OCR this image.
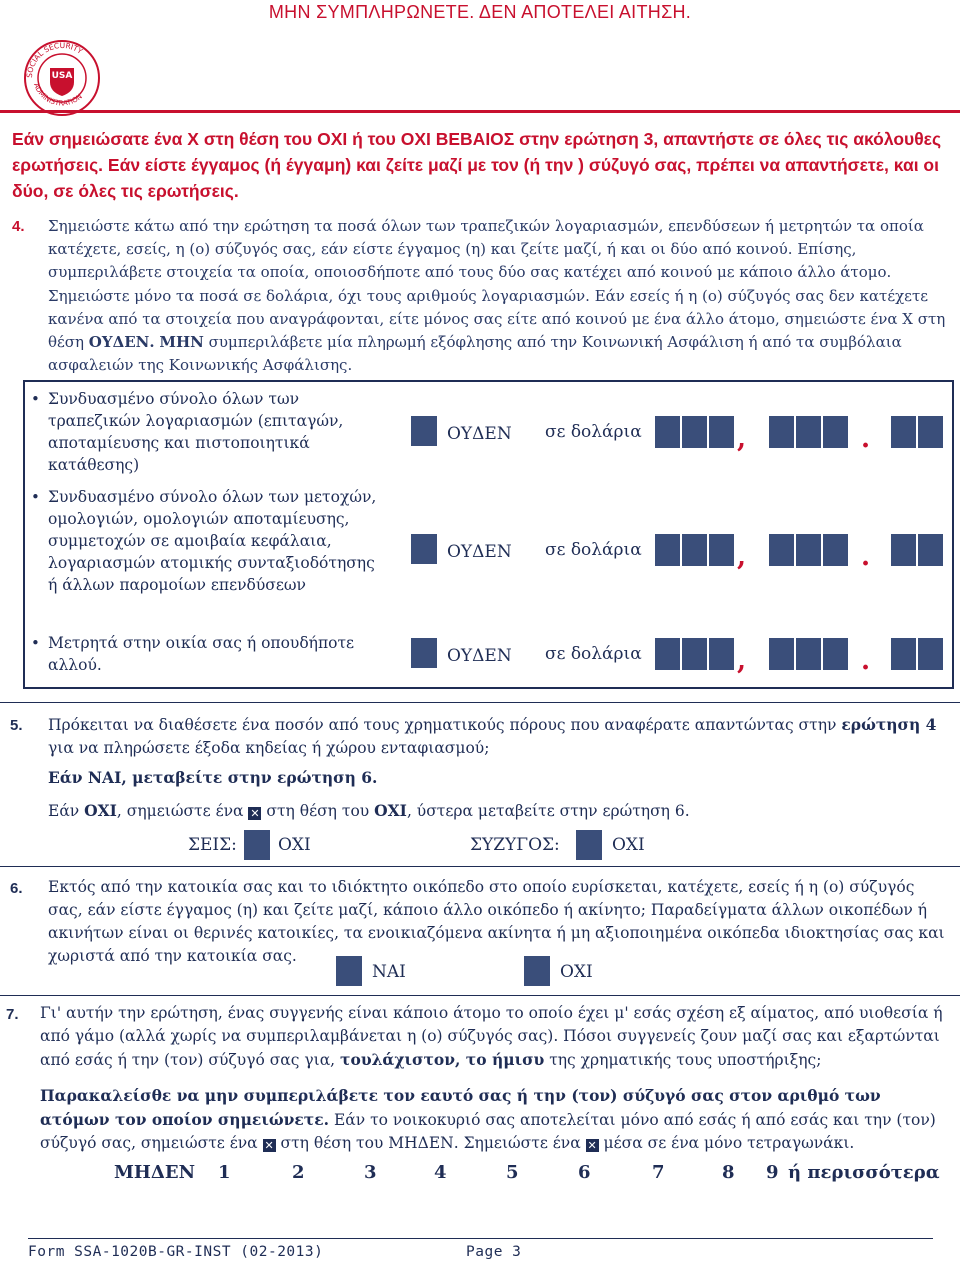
ΜΗΝ ΣΥΜΠΛΗΡΩΝΕΤΕ. ΔΕΝ ΑΠΟΤΕΛΕΙ ΑΙΤΗΣΗ.
USA
SOCIAL SECURITY
ADMINISTRATION
Εάν σημειώσατε ένα Χ στη θέση του ΟΧΙ ή του ΟΧΙ ΒΕΒΑΙΟΣ στην ερώτηση 3, απαντήστε σε όλες τις ακόλουθες ερωτήσεις. Εάν είστε έγγαμος (ή έγγαμη) και ζείτε μαζί με τον (ή την ) σύζυγό σας, πρέπει να απαντήσετε, και οι δύο, σε όλες τις ερωτήσεις.
4. Σημειώστε κάτω από την ερώτηση τα ποσά όλων των τραπεζικών λογαριασμών, επενδύσεων ή μετρητών τα οποία κατέχετε, εσείς, η (ο) σύζυγός σας, εάν είστε έγγαμος (η) και ζείτε μαζί, ή και οι δύο από κοινού. Επίσης, συμπεριλάβετε στοιχεία τα οποία, οποιοσδήποτε από τους δύο σας κατέχει από κοινού με κάποιο άλλο άτομο. Σημειώστε μόνο τα ποσά σε δολάρια, όχι τους αριθμούς λογαριασμών. Εάν εσείς ή η (ο) σύζυγός σας δεν κατέχετε κανένα από τα στοιχεία που αναγράφονται, είτε μόνος σας είτε από κοινού με ένα άλλο άτομο, σημειώστε ένα Χ στη θέση ΟΥΔΕΝ. ΜΗΝ συμπεριλάβετε μία πληρωμή εξόφλησης από την Κοινωνική Ασφάλιση ή από τα συμβόλαια ασφαλειών της Κοινωνικής Ασφάλισης.
• Συνδυασμένο σύνολο όλων των τραπεζικών λογαριασμών (επιταγών, αποταμίευσης και πιστοποιητικά κατάθεσης)
ΟΥΔΕΝ σε δολάρια	,	.
• Συνδυασμένο σύνολο όλων των μετοχών, ομολογιών, ομολογιών αποταμίευσης, συμμετοχών σε αμοιβαία κεφάλαια, λογαριασμών ατομικής συνταξιοδότησης ή άλλων παρομοίων επενδύσεων
ΟΥΔΕΝ σε δολάρια	,	.
• Μετρητά στην οικία σας ή οπουδήποτε αλλού.	ΟΥΔΕΝ σε δολάρια	,	.
5. Πρόκειται να διαθέσετε ένα ποσόν από τους χρηματικούς πόρους που αναφέρατε απαντώντας στην ερώτηση 4 για να πληρώσετε έξοδα κηδείας ή χώρου ενταφιασμού;
Εάν ΝΑΙ, μεταβείτε στην ερώτηση 6.
Εάν ΟΧΙ, σημειώστε ένα ✕ στη θέση του ΟΧΙ, ύστερα μεταβείτε στην ερώτηση 6.
ΣΕΙΣ: ΟΧΙ	ΣΥΖΥΓΟΣ:	ΟΧΙ
6. Εκτός από την κατοικία σας και το ιδιόκτητο οικόπεδο στο οποίο ευρίσκεται, κατέχετε, εσείς ή η (ο) σύζυγός σας, εάν είστε έγγαμος (η) και ζείτε μαζί, κάποιο άλλο οικόπεδο ή ακίνητο; Παραδείγματα άλλων οικοπέδων ή ακινήτων είναι οι θερινές κατοικίες, τα ενοικιαζόμενα ακίνητα ή μη αξιοποιημένα οικόπεδα ιδιοκτησίας σας και χωριστά από την κατοικία σας.
ΝΑΙ	ΟΧΙ
7. Γι' αυτήν την ερώτηση, ένας συγγενής είναι κάποιο άτομο το οποίο έχει μ' εσάς σχέση εξ αίματος, από υιοθεσία ή από γάμο (αλλά χωρίς να συμπεριλαμβάνεται η (ο) σύζυγός σας). Πόσοι συγγενείς ζουν μαζί σας και εξαρτώνται από εσάς ή την (τον) σύζυγό σας για, τουλάχιστον, το ήμισυ της χρηματικής τους υποστήριξης;
Παρακαλείσθε να μην συμπεριλάβετε τον εαυτό σας ή την (τον) σύζυγό σας στον αριθμό των ατόμων τον οποίον σημειώνετε. Εάν το νοικοκυριό σας αποτελείται μόνο από εσάς ή από εσάς και την (τον) σύζυγό σας, σημειώστε ένα ✕ στη θέση του ΜΗΔΕΝ. Σημειώστε ένα ✕ μέσα σε ένα μόνο τετραγωνάκι.
ΜΗΔΕΝ 1	2	3	4	5	6	7	8 9 ή περισσότερα
Form SSA-1020B-GR-INST (02-2013)	Page 3
